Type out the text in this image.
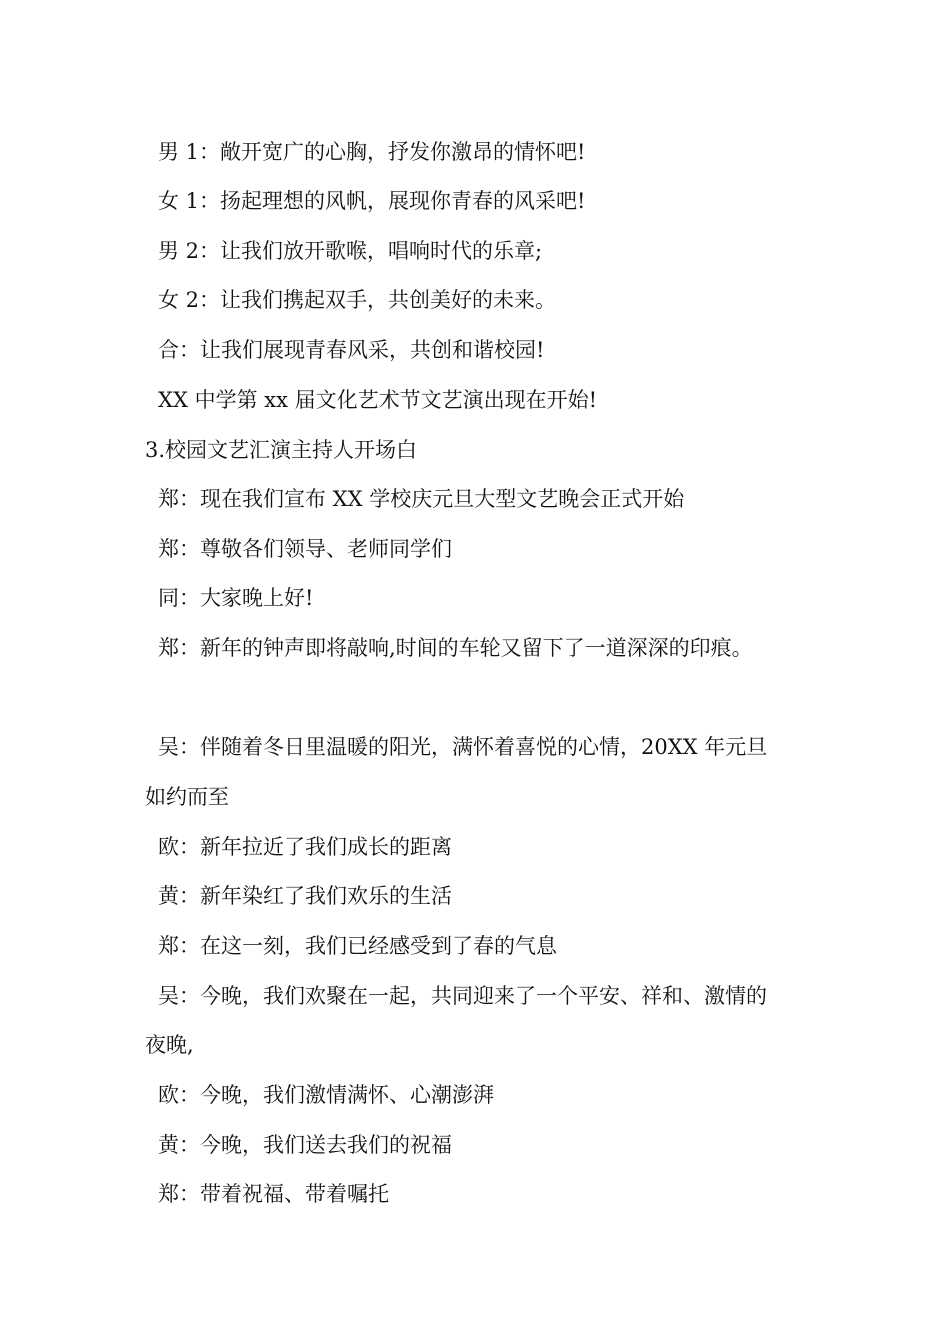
男 1：敞开宽广的心胸，抒发你激昂的情怀吧!
女 1：扬起理想的风帆，展现你青春的风采吧!
男 2：让我们放开歌喉，唱响时代的乐章;
女 2：让我们携起双手，共创美好的未来。
合：让我们展现青春风采，共创和谐校园!
XX 中学第 xx 届文化艺术节文艺演出现在开始!
3.校园文艺汇演主持人开场白
郑：现在我们宣布 XX 学校庆元旦大型文艺晚会正式开始
郑：尊敬各们领导、老师同学们
同：大家晚上好!
郑：新年的钟声即将敲响,时间的车轮又留下了一道深深的印痕。
吴：伴随着冬日里温暖的阳光，满怀着喜悦的心情，20XX 年元旦
如约而至
欧：新年拉近了我们成长的距离
黄：新年染红了我们欢乐的生活
郑：在这一刻，我们已经感受到了春的气息
吴：今晚，我们欢聚在一起，共同迎来了一个平安、祥和、激情的
夜晚,
欧：今晚，我们激情满怀、心潮澎湃
黄：今晚，我们送去我们的祝福
郑：带着祝福、带着嘱托
